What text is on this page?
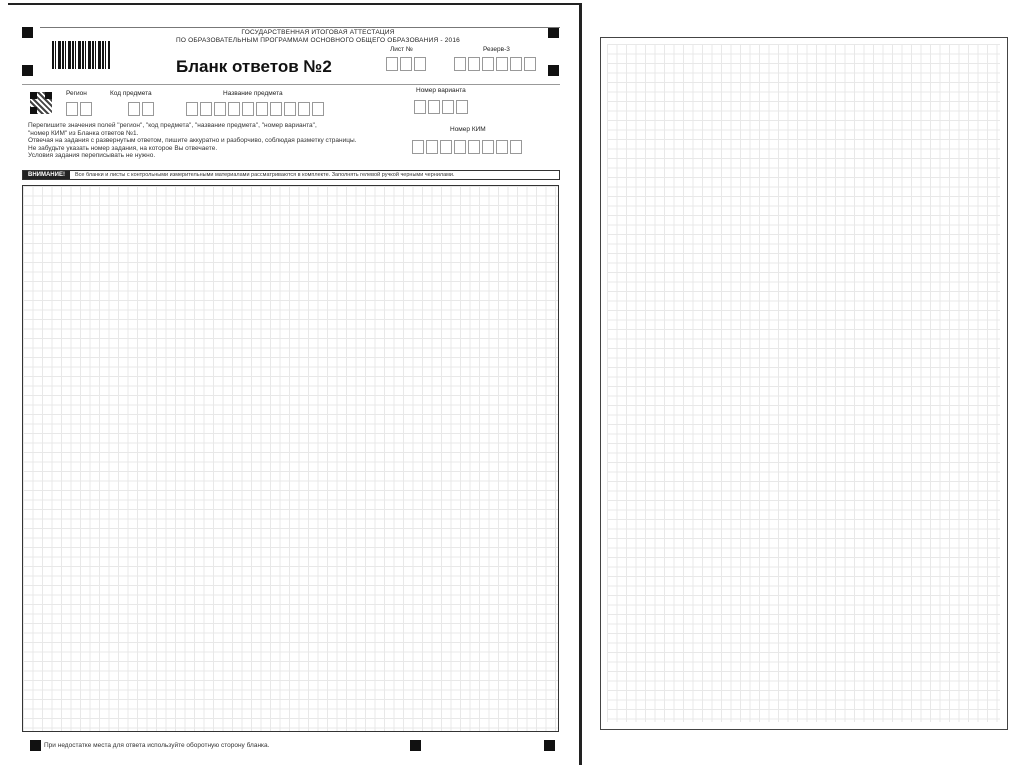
ГОСУДАРСТВЕННАЯ ИТОГОВАЯ АТТЕСТАЦИЯ
ПО ОБРАЗОВАТЕЛЬНЫМ ПРОГРАММАМ ОСНОВНОГО ОБЩЕГО ОБРАЗОВАНИЯ - 2016
Бланк ответов №2
Лист №	Резерв-3
Регион	Код предмета	Название предмета	Номер варианта
Номер КИМ
Перепишите значения полей "регион", "код предмета", "название предмета", "номер варианта",
"номер КИМ" из Бланка ответов №1.
Отвечая на задания с развернутым ответом, пишите аккуратно и разборчиво, соблюдая разметку страницы.
Не забудьте указать номер задания, на которое Вы отвечаете.
Условия задания переписывать не нужно.
ВНИМАНИЕ!	Все бланки и листы с контрольными измерительными материалами рассматриваются в комплекте. Заполнять гелевой ручкой черными чернилами.
При недостатке места для ответа используйте оборотную сторону бланка.
